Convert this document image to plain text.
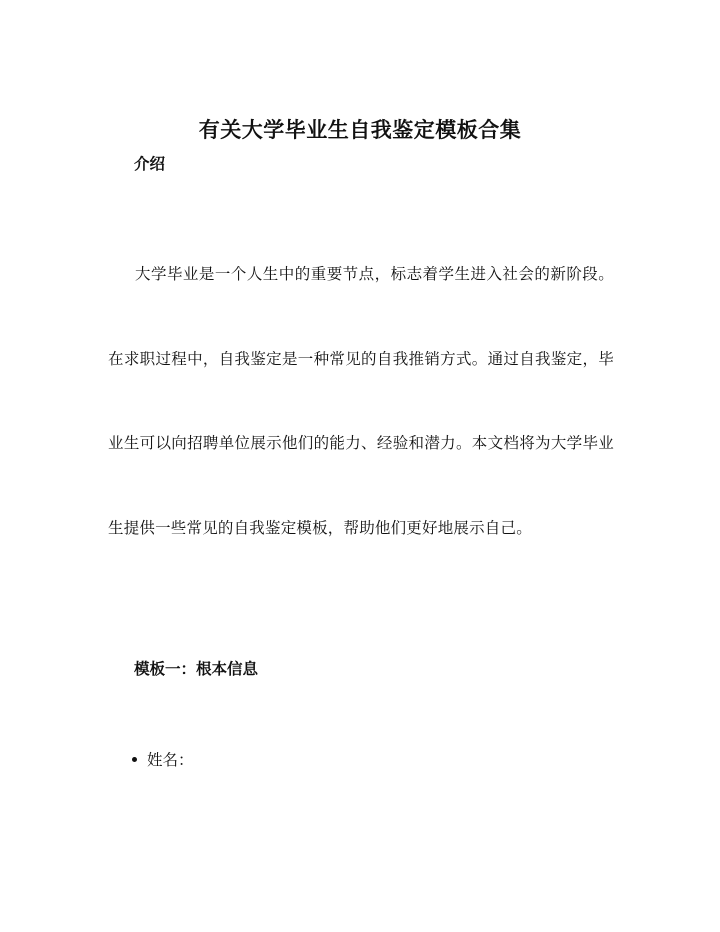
有关大学毕业生自我鉴定模板合集
介绍

大学毕业是一个人生中的重要节点，标志着学生进入社会的新阶段。在求职过程中，自我鉴定是一种常见的自我推销方式。通过自我鉴定，毕业生可以向招聘单位展示他们的能力、经验和潜力。本文档将为大学毕业生提供一些常见的自我鉴定模板，帮助他们更好地展示自己。

模板一：根本信息
姓名：
